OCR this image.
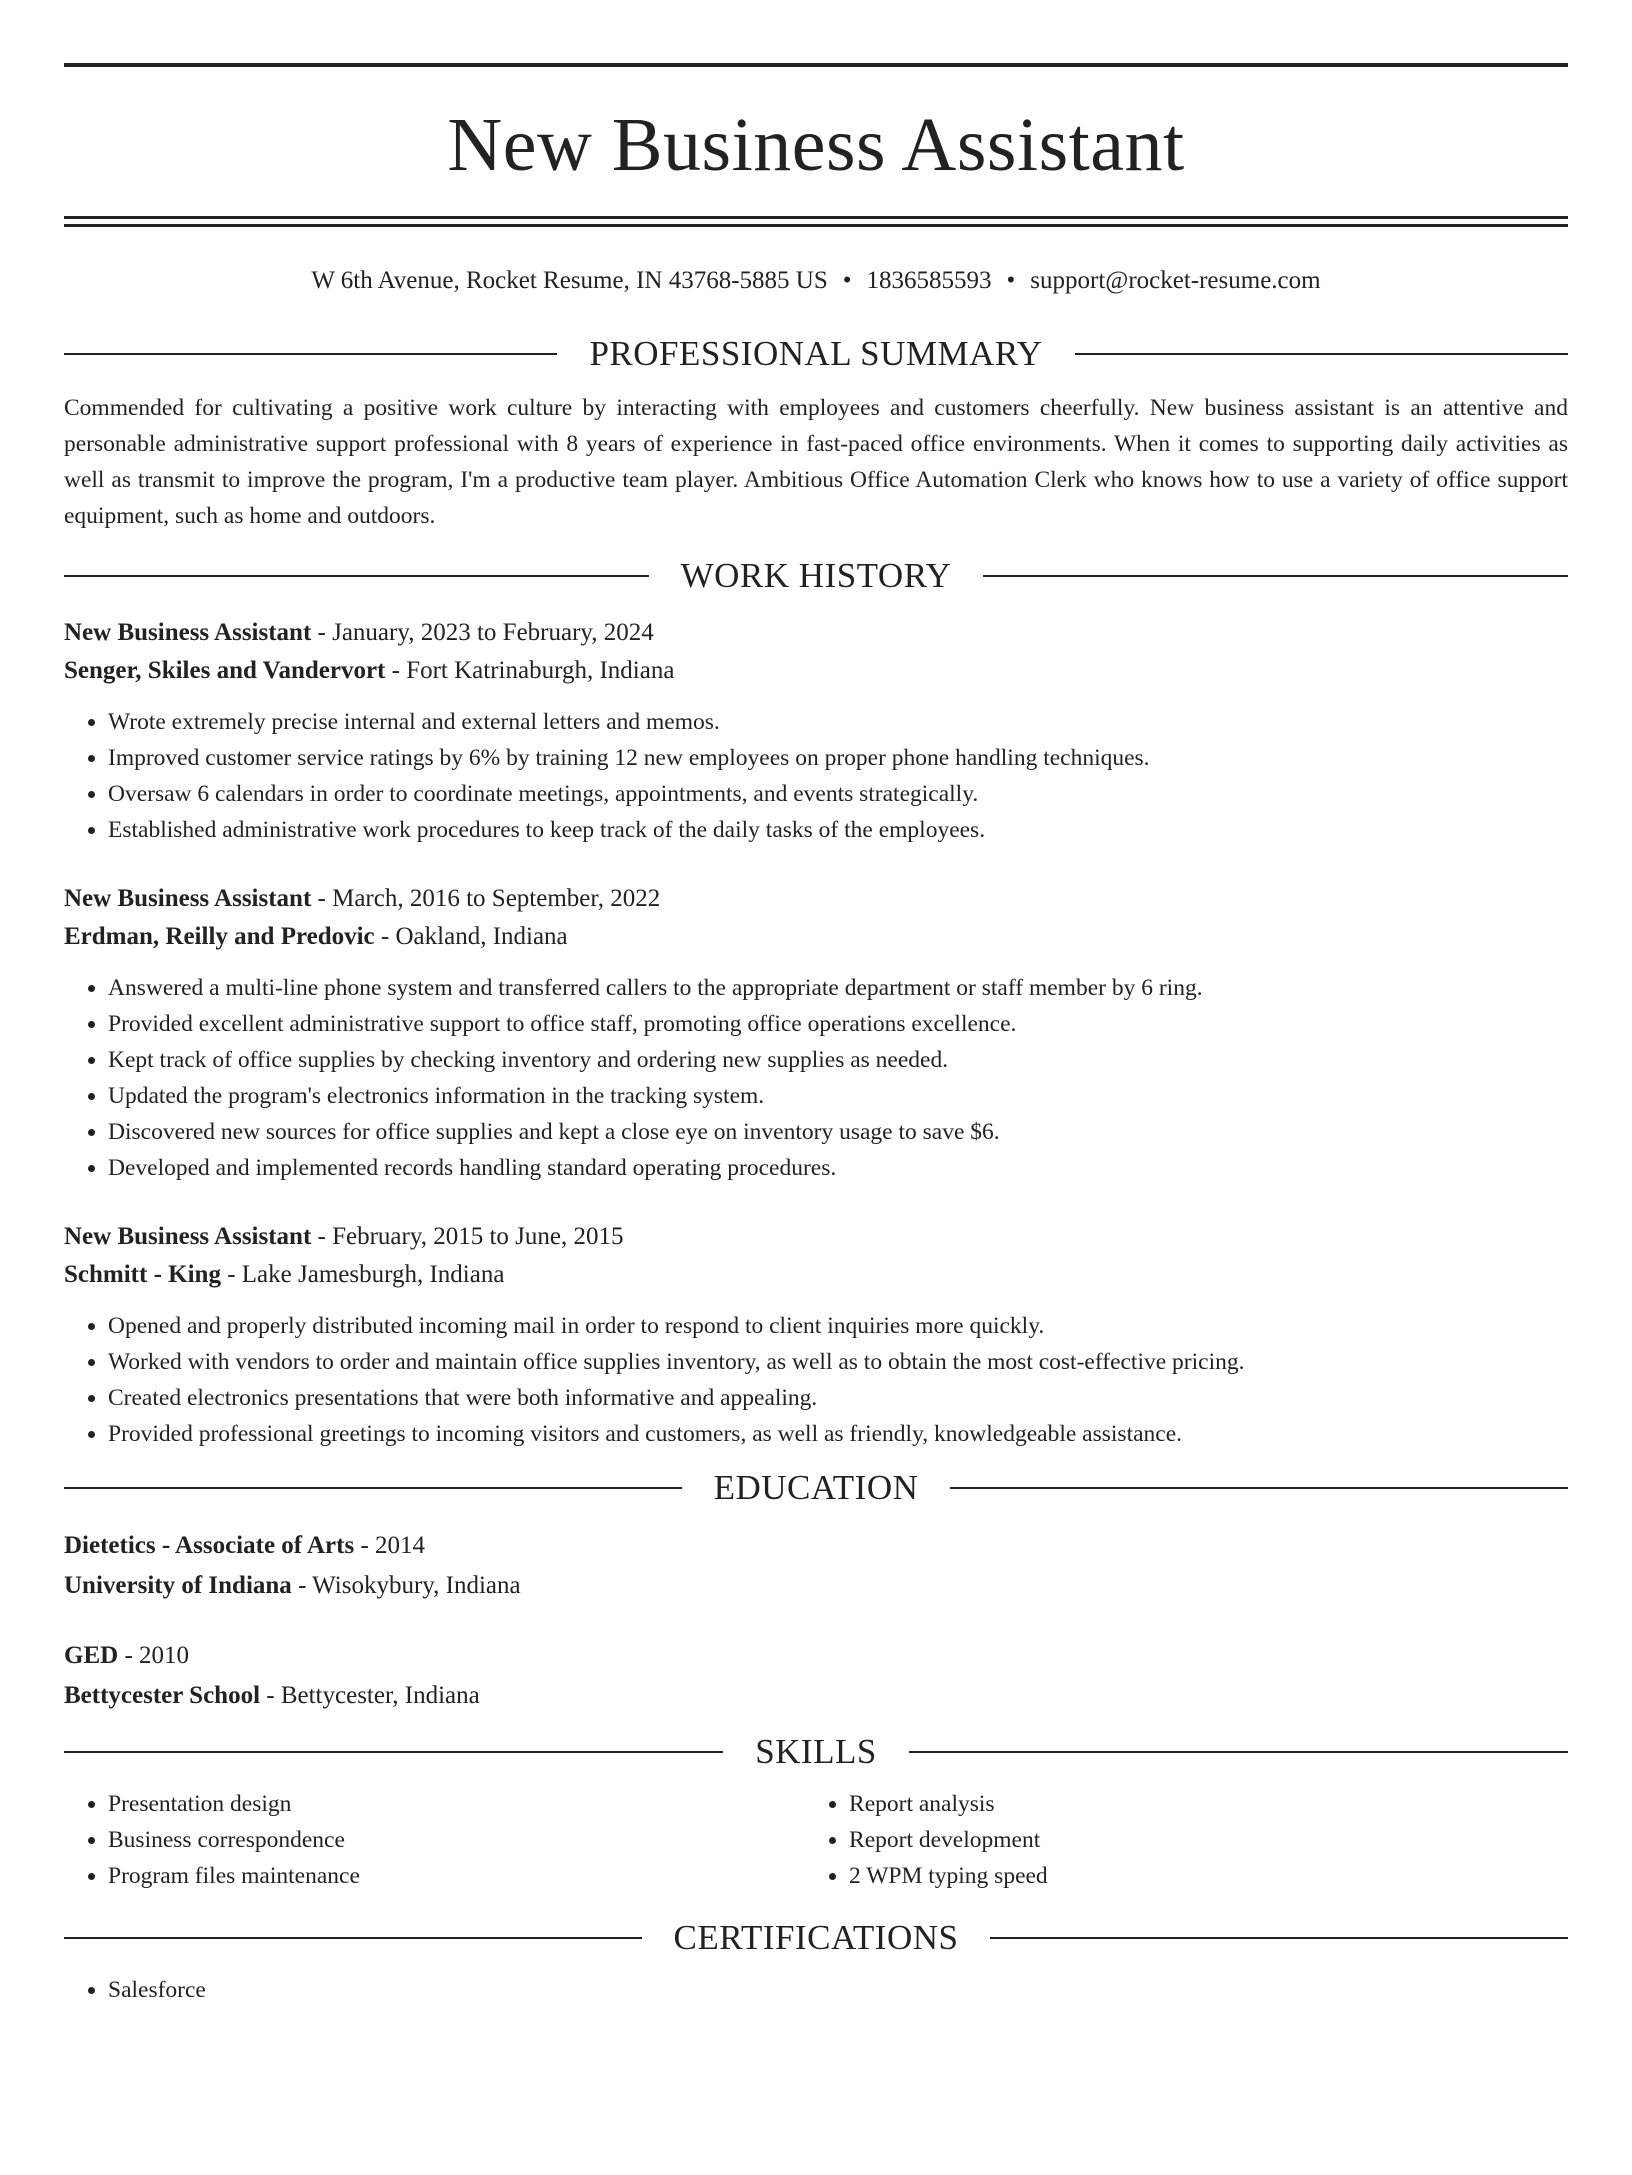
New Business Assistant
W 6th Avenue, Rocket Resume, IN 43768-5885 US • 1836585593 • support@rocket-resume.com
PROFESSIONAL SUMMARY

Commended for cultivating a positive work culture by interacting with employees and customers cheerfully. New business assistant is an attentive and personable administrative support professional with 8 years of experience in fast-paced office environments. When it comes to supporting daily activities as well as transmit to improve the program, I'm a productive team player. Ambitious Office Automation Clerk who knows how to use a variety of office support equipment, such as home and outdoors.

WORK HISTORY
New Business Assistant - January, 2023 to February, 2024
Senger, Skiles and Vandervort - Fort Katrinaburgh, Indiana
• Wrote extremely precise internal and external letters and memos.
• Improved customer service ratings by 6% by training 12 new employees on proper phone handling techniques.
• Oversaw 6 calendars in order to coordinate meetings, appointments, and events strategically.
• Established administrative work procedures to keep track of the daily tasks of the employees.
New Business Assistant - March, 2016 to September, 2022
Erdman, Reilly and Predovic - Oakland, Indiana
• Answered a multi-line phone system and transferred callers to the appropriate department or staff member by 6 ring.
• Provided excellent administrative support to office staff, promoting office operations excellence.
• Kept track of office supplies by checking inventory and ordering new supplies as needed.
• Updated the program's electronics information in the tracking system.
• Discovered new sources for office supplies and kept a close eye on inventory usage to save $6.
• Developed and implemented records handling standard operating procedures.
New Business Assistant - February, 2015 to June, 2015
Schmitt - King - Lake Jamesburgh, Indiana
• Opened and properly distributed incoming mail in order to respond to client inquiries more quickly.
• Worked with vendors to order and maintain office supplies inventory, as well as to obtain the most cost-effective pricing.
• Created electronics presentations that were both informative and appealing.
• Provided professional greetings to incoming visitors and customers, as well as friendly, knowledgeable assistance.
EDUCATION
Dietetics - Associate of Arts - 2014
University of Indiana - Wisokybury, Indiana
GED - 2010
Bettycester School - Bettycester, Indiana
SKILLS
• Presentation design
• Business correspondence
• Program files maintenance
• Report analysis
• Report development
• 2 WPM typing speed
CERTIFICATIONS
• Salesforce
